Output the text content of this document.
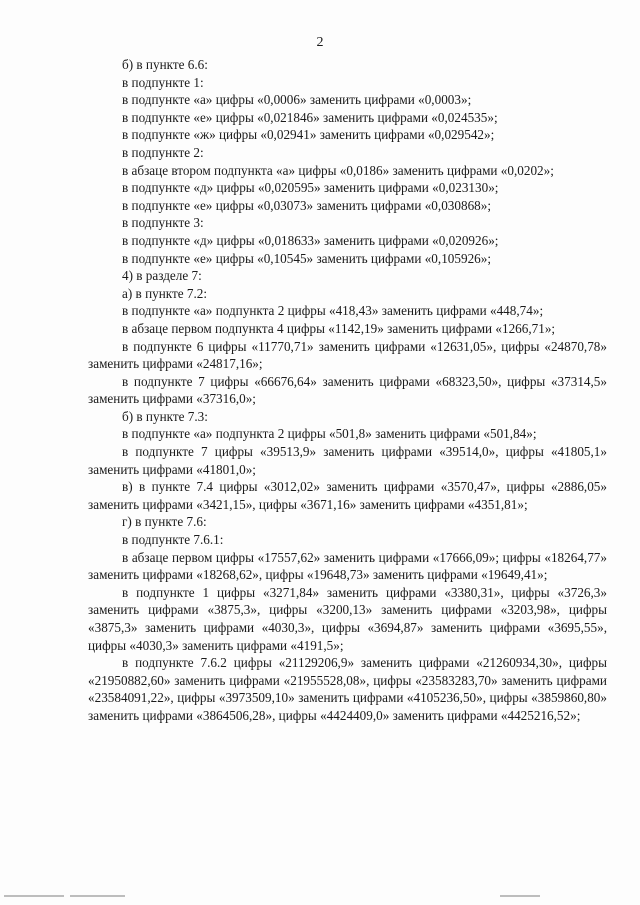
2

б) в пункте 6.6:

в подпункте 1:

в подпункте «а» цифры «0,0006» заменить цифрами «0,0003»;

в подпункте «е» цифры «0,021846» заменить цифрами «0,024535»;

в подпункте «ж» цифры «0,02941» заменить цифрами «0,029542»;

в подпункте 2:

в абзаце втором подпункта «а» цифры «0,0186» заменить цифрами «0,0202»;

в подпункте «д» цифры «0,020595» заменить цифрами «0,023130»;

в подпункте «е» цифры «0,03073» заменить цифрами «0,030868»;

в подпункте 3:

в подпункте «д» цифры «0,018633» заменить цифрами «0,020926»;

в подпункте «е» цифры «0,10545» заменить цифрами «0,105926»;

4) в разделе 7:

а) в пункте 7.2:

в подпункте «а» подпункта 2 цифры «418,43» заменить цифрами «448,74»;

в абзаце первом подпункта 4 цифры «1142,19» заменить цифрами «1266,71»;

в подпункте 6 цифры «11770,71» заменить цифрами «12631,05», цифры «24870,78» заменить цифрами «24817,16»;

в подпункте 7 цифры «66676,64» заменить цифрами «68323,50», цифры «37314,5» заменить цифрами «37316,0»;

б) в пункте 7.3:

в подпункте «а» подпункта 2 цифры «501,8» заменить цифрами «501,84»;

в подпункте 7 цифры «39513,9» заменить цифрами «39514,0», цифры «41805,1» заменить цифрами «41801,0»;

в) в пункте 7.4 цифры «3012,02» заменить цифрами «3570,47», цифры «2886,05» заменить цифрами «3421,15», цифры «3671,16» заменить цифрами «4351,81»;

г) в пункте 7.6:

в подпункте 7.6.1:

в абзаце первом цифры «17557,62» заменить цифрами «17666,09»; цифры «18264,77» заменить цифрами «18268,62», цифры «19648,73» заменить цифрами «19649,41»;

в подпункте 1 цифры «3271,84» заменить цифрами «3380,31», цифры «3726,3» заменить цифрами «3875,3», цифры «3200,13» заменить цифрами «3203,98», цифры «3875,3» заменить цифрами «4030,3», цифры «3694,87» заменить цифрами «3695,55», цифры «4030,3» заменить цифрами «4191,5»;

в подпункте 7.6.2 цифры «21129206,9» заменить цифрами «21260934,30», цифры «21950882,60» заменить цифрами «21955528,08», цифры «23583283,70» заменить цифрами «23584091,22», цифры «3973509,10» заменить цифрами «4105236,50», цифры «3859860,80» заменить цифрами «3864506,28», цифры «4424409,0» заменить цифрами «4425216,52»;
